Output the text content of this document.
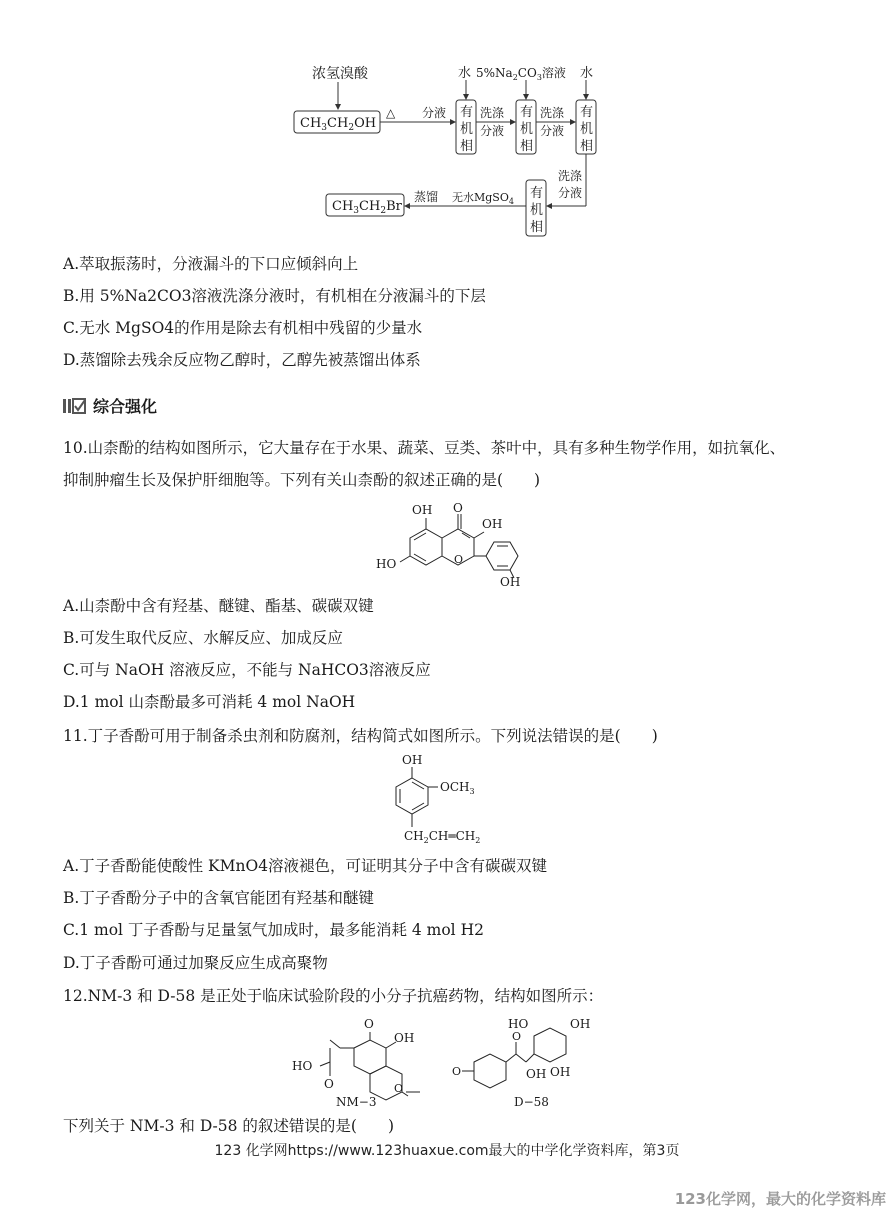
浓氢溴酸
$CH_3CH_2OH$
△ 分液 有
机
相
水
洗涤
分液
有
机
相
$5\%Na_2CO_3$溶液
洗涤
分液
有
机
相
水
洗涤
分液
有
机
相
无水MgSO$_4$
蒸馏
$CH_3CH_2Br$
A.萃取振荡时，分液漏斗的下口应倾斜向上
B.用 5%Na2CO3溶液洗涤分液时，有机相在分液漏斗的下层
C.无水 MgSO4的作用是除去有机相中残留的少量水
D.蒸馏除去残余反应物乙醇时，乙醇先被蒸馏出体系
综合强化
10.山柰酚的结构如图所示，它大量存在于水果、蔬菜、豆类、茶叶中，具有多种生物学作用，如抗氧化、
抑制肿瘤生长及保护肝细胞等。下列有关山柰酚的叙述正确的是(　　)
O
OH
OH
HO	O
OH
A.山柰酚中含有羟基、醚键、酯基、碳碳双键
B.可发生取代反应、水解反应、加成反应
C.可与 NaOH 溶液反应，不能与 NaHCO3溶液反应
D.1 mol 山柰酚最多可消耗 4 mol NaOH
11.丁子香酚可用于制备杀虫剂和防腐剂，结构简式如图所示。下列说法错误的是(　　)
OH
$OCH_3$
$CH_2CH═CH_2$
A.丁子香酚能使酸性 KMnO4溶液褪色，可证明其分子中含有碳碳双键
B.丁子香酚分子中的含氧官能团有羟基和醚键
C.1 mol 丁子香酚与足量氢气加成时，最多能消耗 4 mol H2
D.丁子香酚可通过加聚反应生成高聚物
12.NM-3 和 D-58 是正处于临床试验阶段的小分子抗癌药物，结构如图所示：
O
OH
HO
O	O
NM−3
HO	OH
O
O	OH OH
D−58
下列关于 NM-3 和 D-58 的叙述错误的是(　　)
123 化学网https://www.123huaxue.com最大的中学化学资料库，第3页
123化学网，最大的化学资料库
